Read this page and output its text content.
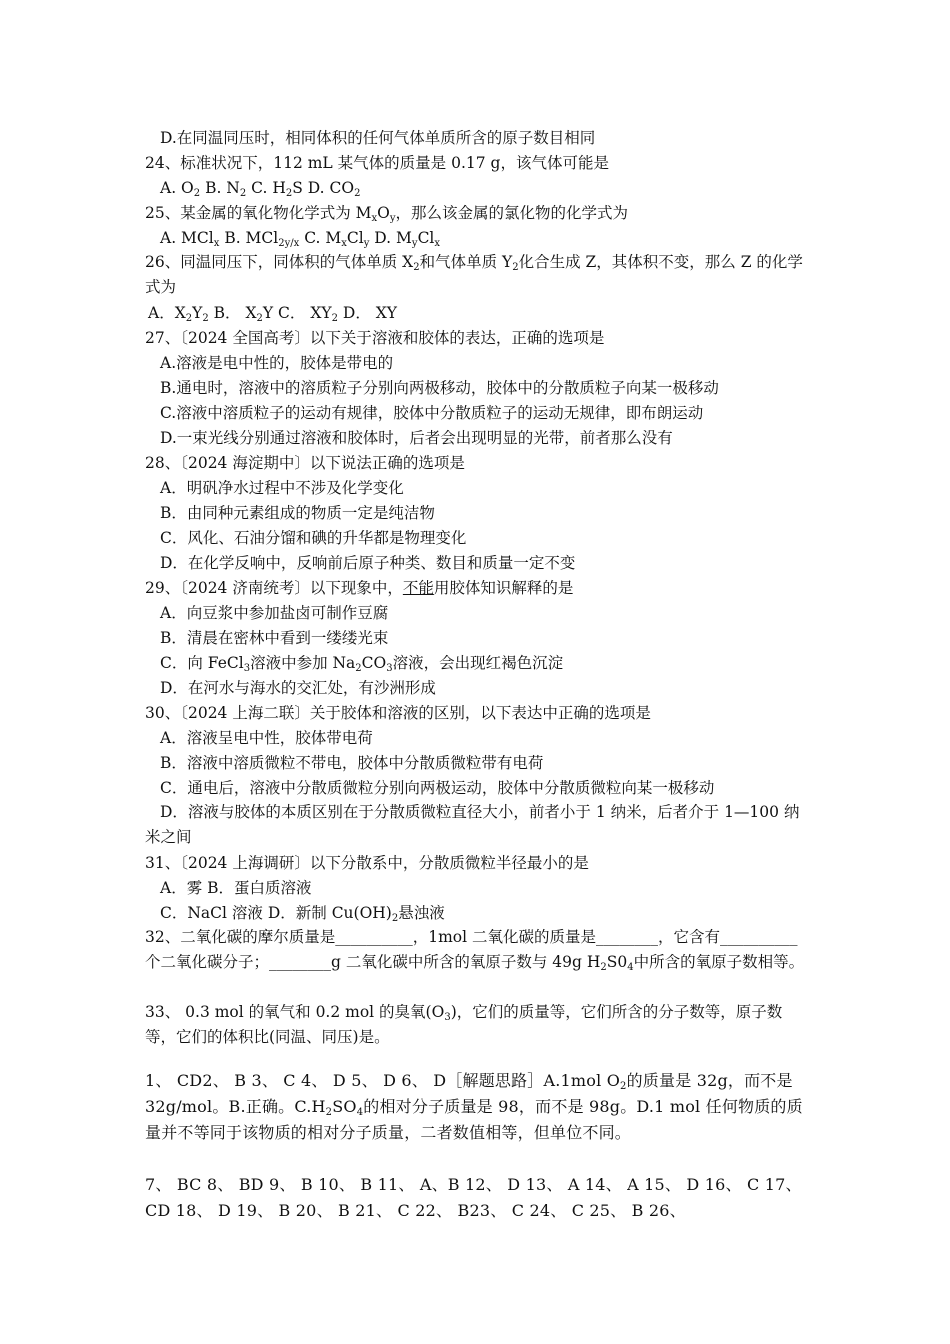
D.在同温同压时，相同体积的任何气体单质所含的原子数目相同
24、标准状况下，112 mL 某气体的质量是 0.17 g，该气体可能是
A. $O_2$ B. $N_2$ C. $H_2S$ D. $CO_2$
25、某金属的氧化物化学式为 $M_xO_y$，那么该金属的氯化物的化学式为
A. MCl$_x$ B. MCl$_{2y/x}$ C. $M_xCl_y$ D. $M_yCl_x$
26、同温同压下，同体积的气体单质 $X_2$和气体单质 $Y_2$化合生成 Z，其体积不变，那么 Z 的化学式为
A．$X_2Y_2$ B． $X_2Y$ C． $XY_2$ D． XY
27、〔2024 全国高考〕以下关于溶液和胶体的表达，正确的选项是
A.溶液是电中性的，胶体是带电的
B.通电时，溶液中的溶质粒子分别向两极移动，胶体中的分散质粒子向某一极移动
C.溶液中溶质粒子的运动有规律，胶体中分散质粒子的运动无规律，即布朗运动
D.一束光线分别通过溶液和胶体时，后者会出现明显的光带，前者那么没有
28、〔2024 海淀期中〕以下说法正确的选项是
A．明矾净水过程中不涉及化学变化
B．由同种元素组成的物质一定是纯洁物
C．风化、石油分馏和碘的升华都是物理变化
D．在化学反响中，反响前后原子种类、数目和质量一定不变
29、〔2024 济南统考〕以下现象中，不能用胶体知识解释的是
A．向豆浆中参加盐卤可制作豆腐
B．清晨在密林中看到一缕缕光束
C．向 FeCl$_3$溶液中参加 $Na_2CO_3$溶液，会出现红褐色沉淀
D．在河水与海水的交汇处，有沙洲形成
30、〔2024 上海二联〕关于胶体和溶液的区别，以下表达中正确的选项是
A．溶液呈电中性，胶体带电荷
B．溶液中溶质微粒不带电，胶体中分散质微粒带有电荷
C．通电后，溶液中分散质微粒分别向两极运动，胶体中分散质微粒向某一极移动
D．溶液与胶体的本质区别在于分散质微粒直径大小，前者小于 1 纳米，后者介于 1—100 纳米之间
31、〔2024 上海调研〕以下分散系中，分散质微粒半径最小的是
A．雾 B．蛋白质溶液
C．NaCl 溶液 D．新制 $Cu(OH)_2$悬浊液
32、二氧化碳的摩尔质量是__________，1mol 二氧化碳的质量是________，它含有__________个二氧化碳分子；________g 二氧化碳中所含的氧原子数与 49g $H_2S0_4$中所含的氧原子数相等。
33、 0.3 mol 的氧气和 0.2 mol 的臭氧$(O_3)$，它们的质量等，它们所含的分子数等，原子数等，它们的体积比(同温、同压)是。
1、 CD2、 B 3、 C 4、 D 5、 D 6、 D［解题思路］A.1mol $O_2$的质量是 32g，而不是 32g/mol。B.正确。$C.H_2SO_4$的相对分子质量是 98，而不是 98g。D.1 mol 任何物质的质量并不等同于该物质的相对分子质量，二者数值相等，但单位不同。
7、 BC 8、 BD 9、 B 10、 B 11、 A、B 12、 D 13、 A 14、 A 15、 D 16、 C 17、 CD 18、 D 19、 B 20、 B 21、 C 22、 B23、 C 24、 C 25、 B 26、
